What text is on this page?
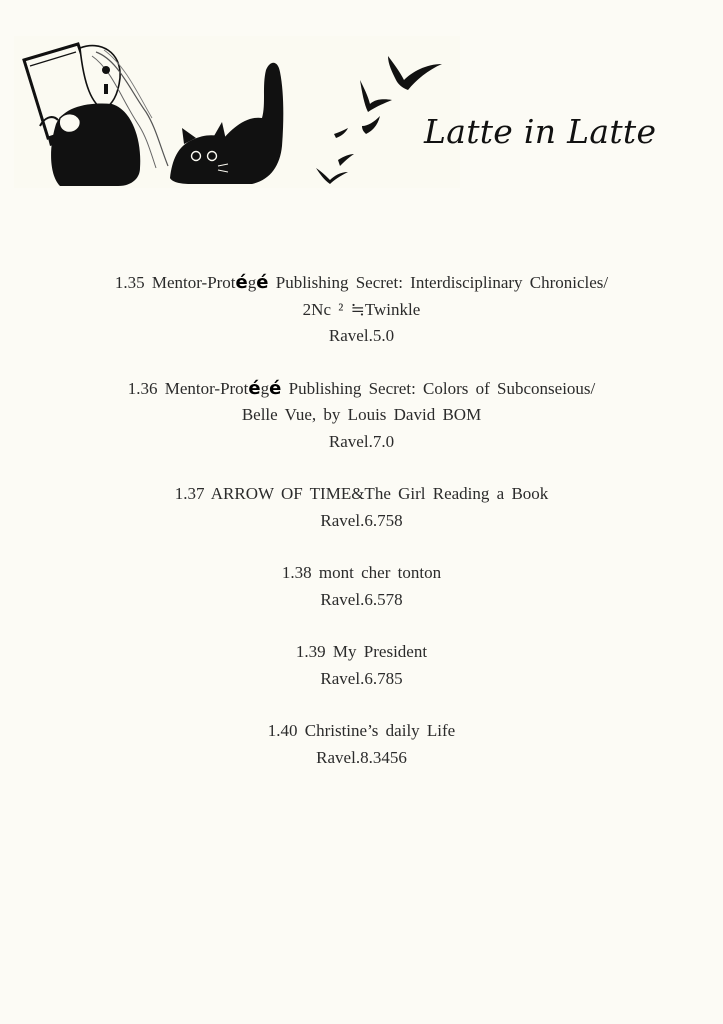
Latte in Latte
1.35 Mentor-Protégé Publishing Secret: Interdisciplinary Chronicles/
2Nc ² ≒Twinkle
Ravel.5.0
1.36 Mentor-Protégé Publishing Secret: Colors of Subconseious/
Belle Vue, by Louis David BOM
Ravel.7.0
1.37 ARROW OF TIME&The Girl Reading a Book
Ravel.6.758
1.38 mont cher tonton
Ravel.6.578
1.39 My President
Ravel.6.785
1.40 Christine’s daily Life
Ravel.8.3456
